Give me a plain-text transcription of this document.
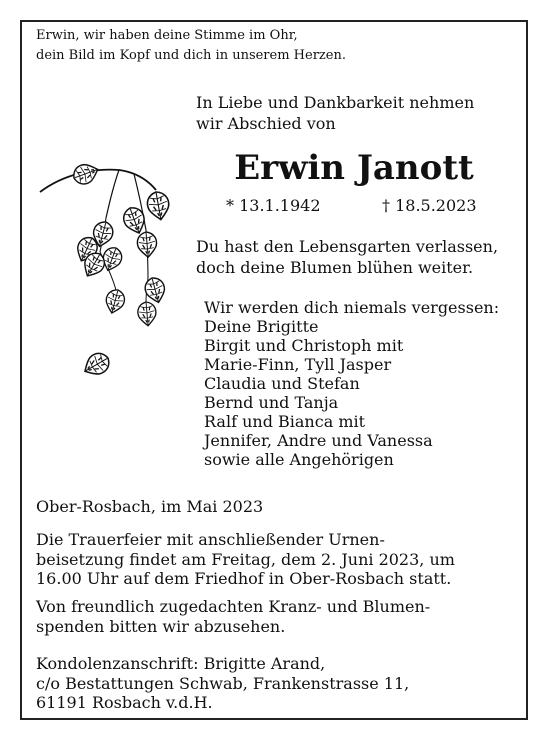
Erwin, wir haben deine Stimme im Ohr,
dein Bild im Kopf und dich in unserem Herzen.
In Liebe und Dankbarkeit nehmen
wir Abschied von
Erwin Janott
* 13.1.1942	† 18.5.2023
Du hast den Lebensgarten verlassen,
doch deine Blumen blühen weiter.
Wir werden dich niemals vergessen:
Deine Brigitte
Birgit und Christoph mit
Marie-Finn, Tyll Jasper
Claudia und Stefan
Bernd und Tanja
Ralf und Bianca mit
Jennifer, Andre und Vanessa
sowie alle Angehörigen
Ober-Rosbach, im Mai 2023
Die Trauerfeier mit anschließender Urnen-
beisetzung findet am Freitag, dem 2. Juni 2023, um
16.00 Uhr auf dem Friedhof in Ober-Rosbach statt.
Von freundlich zugedachten Kranz- und Blumen-
spenden bitten wir abzusehen.
Kondolenzanschrift: Brigitte Arand,
c/o Bestattungen Schwab, Frankenstrasse 11,
61191 Rosbach v.d.H.
